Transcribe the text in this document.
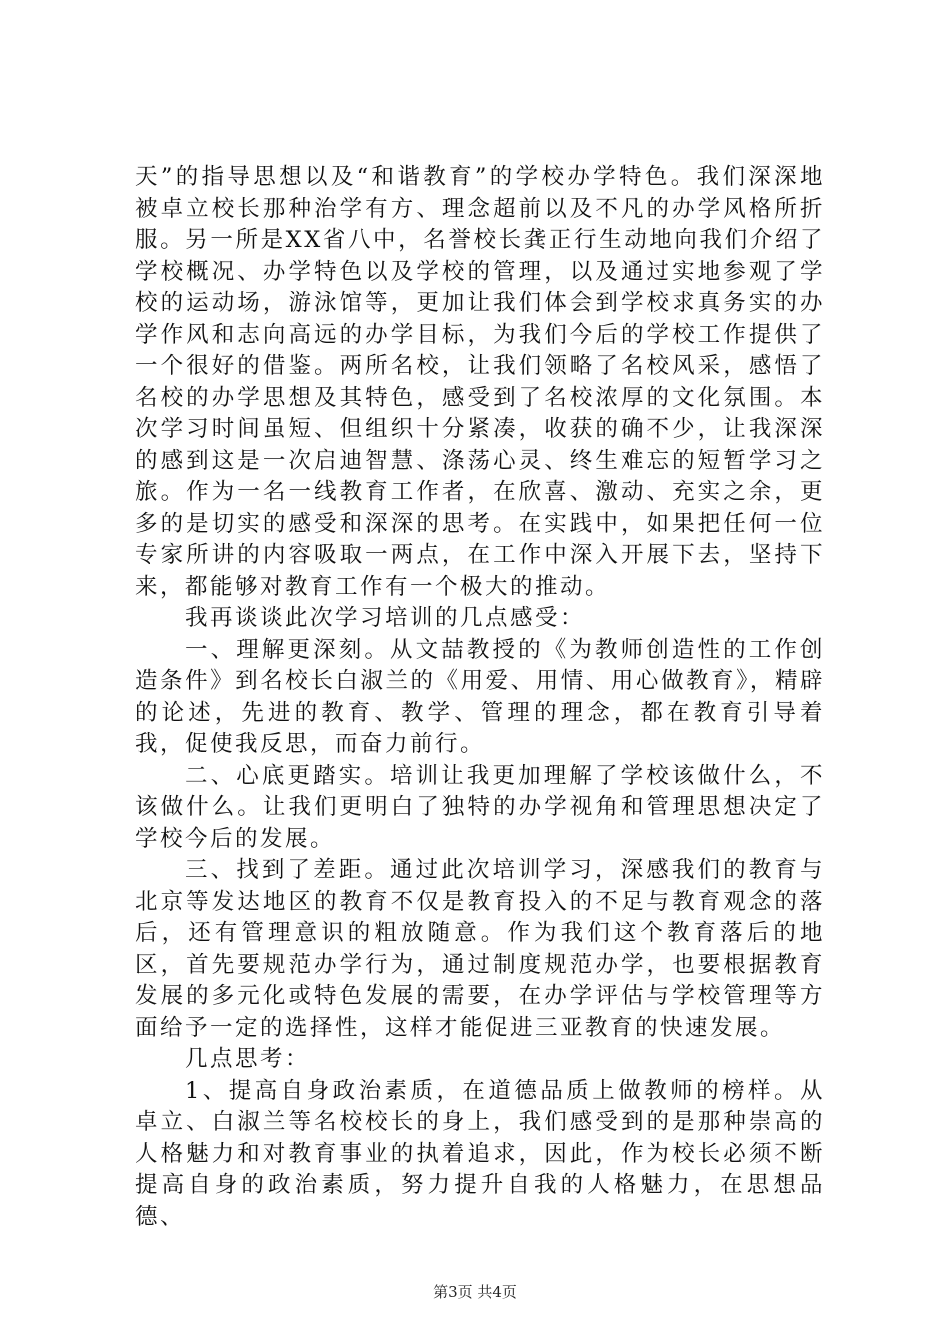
天”的指导思想以及“和谐教育”的学校办学特色。我们深深地被卓立校长那种治学有方、理念超前以及不凡的办学风格所折服。另一所是XX省八中，名誉校长龚正行生动地向我们介绍了学校概况、办学特色以及学校的管理，以及通过实地参观了学校的运动场，游泳馆等，更加让我们体会到学校求真务实的办学作风和志向高远的办学目标，为我们今后的学校工作提供了一个很好的借鉴。两所名校，让我们领略了名校风采，感悟了名校的办学思想及其特色，感受到了名校浓厚的文化氛围。本次学习时间虽短、但组织十分紧凑，收获的确不少，让我深深的感到这是一次启迪智慧、涤荡心灵、终生难忘的短暂学习之旅。作为一名一线教育工作者，在欣喜、激动、充实之余，更多的是切实的感受和深深的思考。在实践中，如果把任何一位专家所讲的内容吸取一两点，在工作中深入开展下去，坚持下来，都能够对教育工作有一个极大的推动。

我再谈谈此次学习培训的几点感受：

一、理解更深刻。从文喆教授的《为教师创造性的工作创造条件》到名校长白淑兰的《用爱、用情、用心做教育》，精辟的论述，先进的教育、教学、管理的理念，都在教育引导着我，促使我反思，而奋力前行。

二、心底更踏实。培训让我更加理解了学校该做什么，不该做什么。让我们更明白了独特的办学视角和管理思想决定了学校今后的发展。

三、找到了差距。通过此次培训学习，深感我们的教育与北京等发达地区的教育不仅是教育投入的不足与教育观念的落后，还有管理意识的粗放随意。作为我们这个教育落后的地区，首先要规范办学行为，通过制度规范办学，也要根据教育发展的多元化或特色发展的需要，在办学评估与学校管理等方面给予一定的选择性，这样才能促进三亚教育的快速发展。

几点思考：

1、提高自身政治素质，在道德品质上做教师的榜样。从卓立、白淑兰等名校校长的身上，我们感受到的是那种崇高的人格魅力和对教育事业的执着追求，因此，作为校长必须不断提高自身的政治素质，努力提升自我的人格魅力，在思想品德、

第3页 共4页
